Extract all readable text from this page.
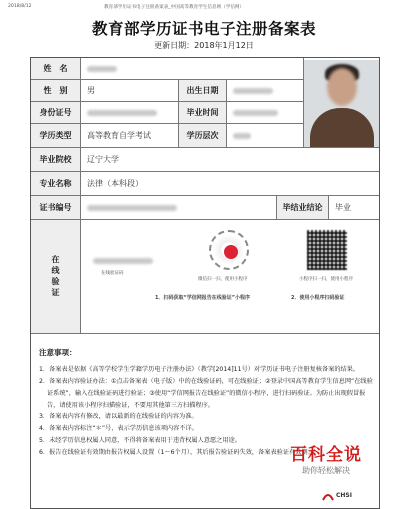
2018/8/12	教育部学历证书电子注册备案表_中国高等教育学生信息网（学信网）
教育部学历证书电子注册备案表
更新日期：2018年1月12日
姓　名
性　别	男	出生日期
身份证号	毕业时间
学历类型	高等教育自学考试	学历层次
毕业院校	辽宁大学
专业名称	法律（本科段）
证书编号	毕结业结论	毕业
在线验证	在线验证码
微信扫一扫，使用小程序	小程序扫一扫，使用小程序
1．扫码获取“学信网报告在线验证”小程序	2．使用小程序扫码验证
注意事项：
1．备案表是依据《高等学校学生学籍学历电子注册办法》（教学[2014]11号）对学历证书电子注册复核备案的结果。
2．备案表内容验证办法：①点击备案表（电子版）中的在线验证码，可在线验证；②登录中国高等教育学生信息网“在线验证系统”，输入在线验证码进行验证；③使用“学信网报告在线验证”的微信小程序，进行扫码验证。为防止出现假冒报告，请使用该小程序扫描验证，不要用其他第三方扫描程序。
3．备案表内容有修改，请以最新的在线验证的内容为准。
4．备案表内容标注“＊”号，表示学历信息该项内容不详。
5．未经学历信息权属人同意，不得将备案表用于违背权属人意愿之用途。
6．报告在线验证有效期由报告权属人设置（1～6个月），其后报告验证码失效，备案表验证有效期。
百科全说
助你轻松解决
CHSI
